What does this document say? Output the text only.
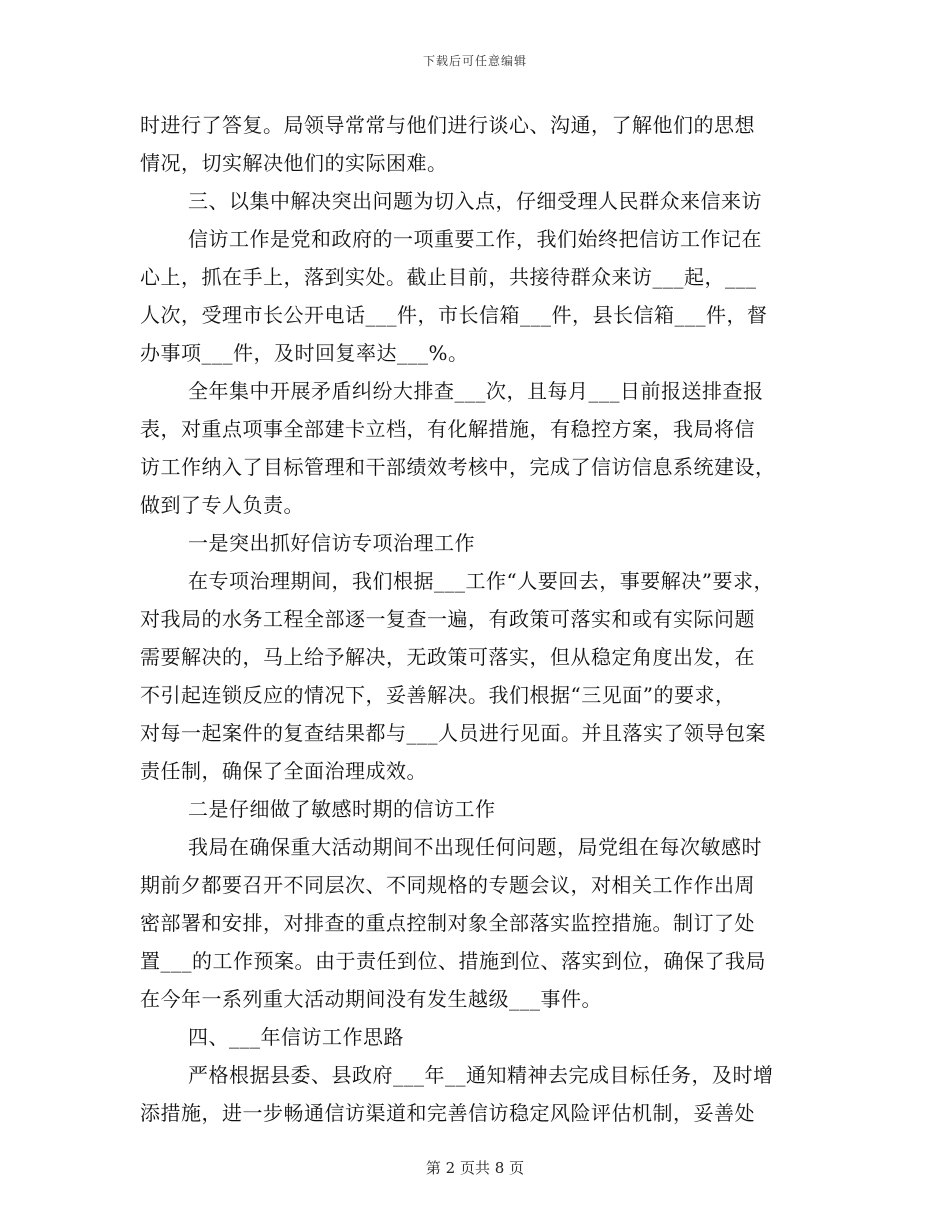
下载后可任意编辑

时进行了答复。局领导常常与他们进行谈心、沟通，了解他们的思想

情况，切实解决他们的实际困难。

三、以集中解决突出问题为切入点，仔细受理人民群众来信来访

信访工作是党和政府的一项重要工作，我们始终把信访工作记在

心上，抓在手上，落到实处。截止目前，共接待群众来访___起，___

人次，受理市长公开电话___件，市长信箱___件，县长信箱___件，督

办事项___件，及时回复率达___%。

全年集中开展矛盾纠纷大排查___次，且每月___日前报送排查报

表，对重点项事全部建卡立档，有化解措施，有稳控方案，我局将信

访工作纳入了目标管理和干部绩效考核中，完成了信访信息系统建设，

做到了专人负责。

一是突出抓好信访专项治理工作

在专项治理期间，我们根据___工作“人要回去，事要解决”要求，

对我局的水务工程全部逐一复查一遍，有政策可落实和或有实际问题

需要解决的，马上给予解决，无政策可落实，但从稳定角度出发，在

不引起连锁反应的情况下，妥善解决。我们根据“三见面”的要求，

对每一起案件的复查结果都与___人员进行见面。并且落实了领导包案

责任制，确保了全面治理成效。

二是仔细做了敏感时期的信访工作

我局在确保重大活动期间不出现任何问题，局党组在每次敏感时

期前夕都要召开不同层次、不同规格的专题会议，对相关工作作出周

密部署和安排，对排查的重点控制对象全部落实监控措施。制订了处

置___的工作预案。由于责任到位、措施到位、落实到位，确保了我局

在今年一系列重大活动期间没有发生越级___事件。

四、___年信访工作思路

严格根据县委、县政府___年__通知精神去完成目标任务，及时增

添措施，进一步畅通信访渠道和完善信访稳定风险评估机制，妥善处

第 2 页共 8 页
